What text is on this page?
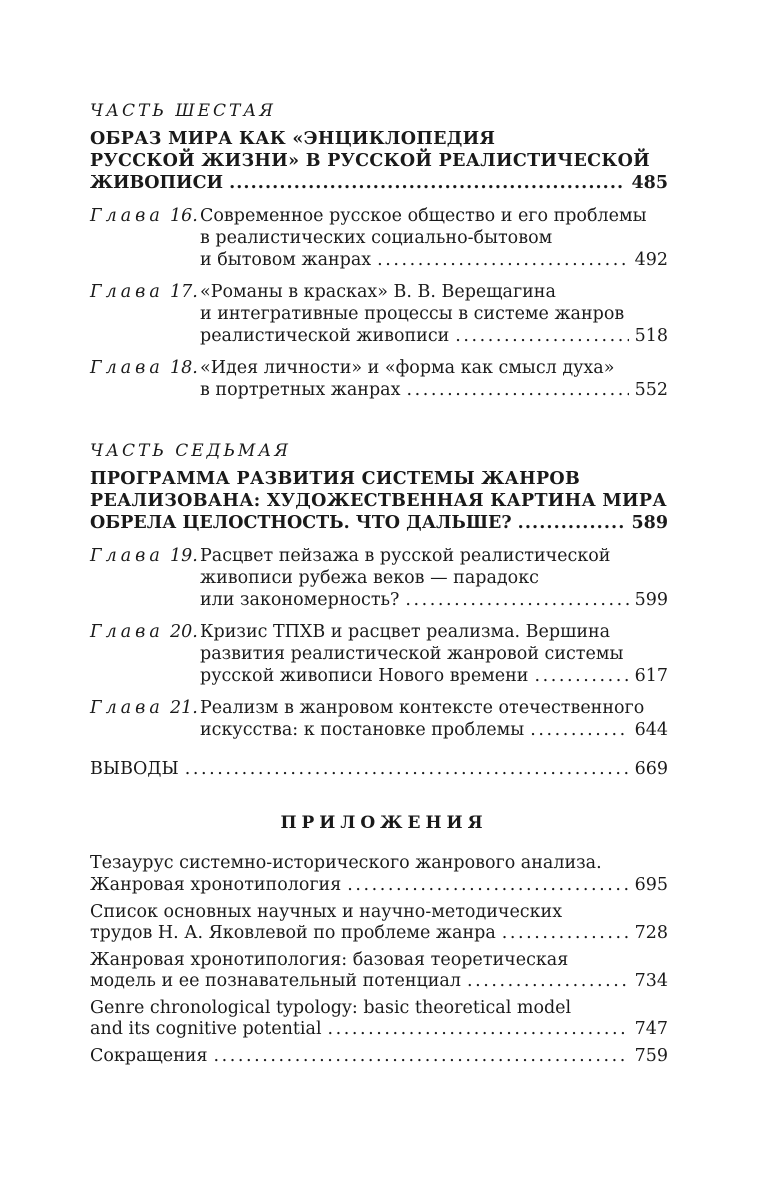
ЧАСТЬ ШЕСТАЯ
ОБРАЗ МИРА КАК «ЭНЦИКЛОПЕДИЯ
РУССКОЙ ЖИЗНИ» В РУССКОЙ РЕАЛИСТИЧЕСКОЙ
ЖИВОПИСИ . . .	485
Глава 16. Современное русское общество и его проблемы
в реалистических социально-бытовом
и бытовом жанрах . . .	492
Глава 17. «Романы в красках» В. В. Верещагина
и интегративные процессы в системе жанров
реалистической живописи . . .	518
Глава 18. «Идея личности» и «форма как смысл духа»
в портретных жанрах . . .	552
ЧАСТЬ СЕДЬМАЯ
ПРОГРАММА РАЗВИТИЯ СИСТЕМЫ ЖАНРОВ
РЕАЛИЗОВАНА: ХУДОЖЕСТВЕННАЯ КАРТИНА МИРА
ОБРЕЛА ЦЕЛОСТНОСТЬ. ЧТО ДАЛЬШЕ? . . .	589
Глава 19. Расцвет пейзажа в русской реалистической
живописи рубежа веков — парадокс
или закономерность? . . .	599
Глава 20. Кризис ТПХВ и расцвет реализма. Вершина
развития реалистической жанровой системы
русской живописи Нового времени . . .	617
Глава 21. Реализм в жанровом контексте отечественного
искусства: к постановке проблемы . . .	644
ВЫВОДЫ . . .	669
ПРИЛОЖЕНИЯ
Тезаурус системно-исторического жанрового анализа.
Жанровая хронотипология . . .	695
Список основных научных и научно-методических
трудов Н. А. Яковлевой по проблеме жанра . . .	728
Жанровая хронотипология: базовая теоретическая
модель и ее познавательный потенциал . . .	734
Genre chronological typology: basic theoretical model
and its cognitive potential . . .	747
Сокращения . . .	759
